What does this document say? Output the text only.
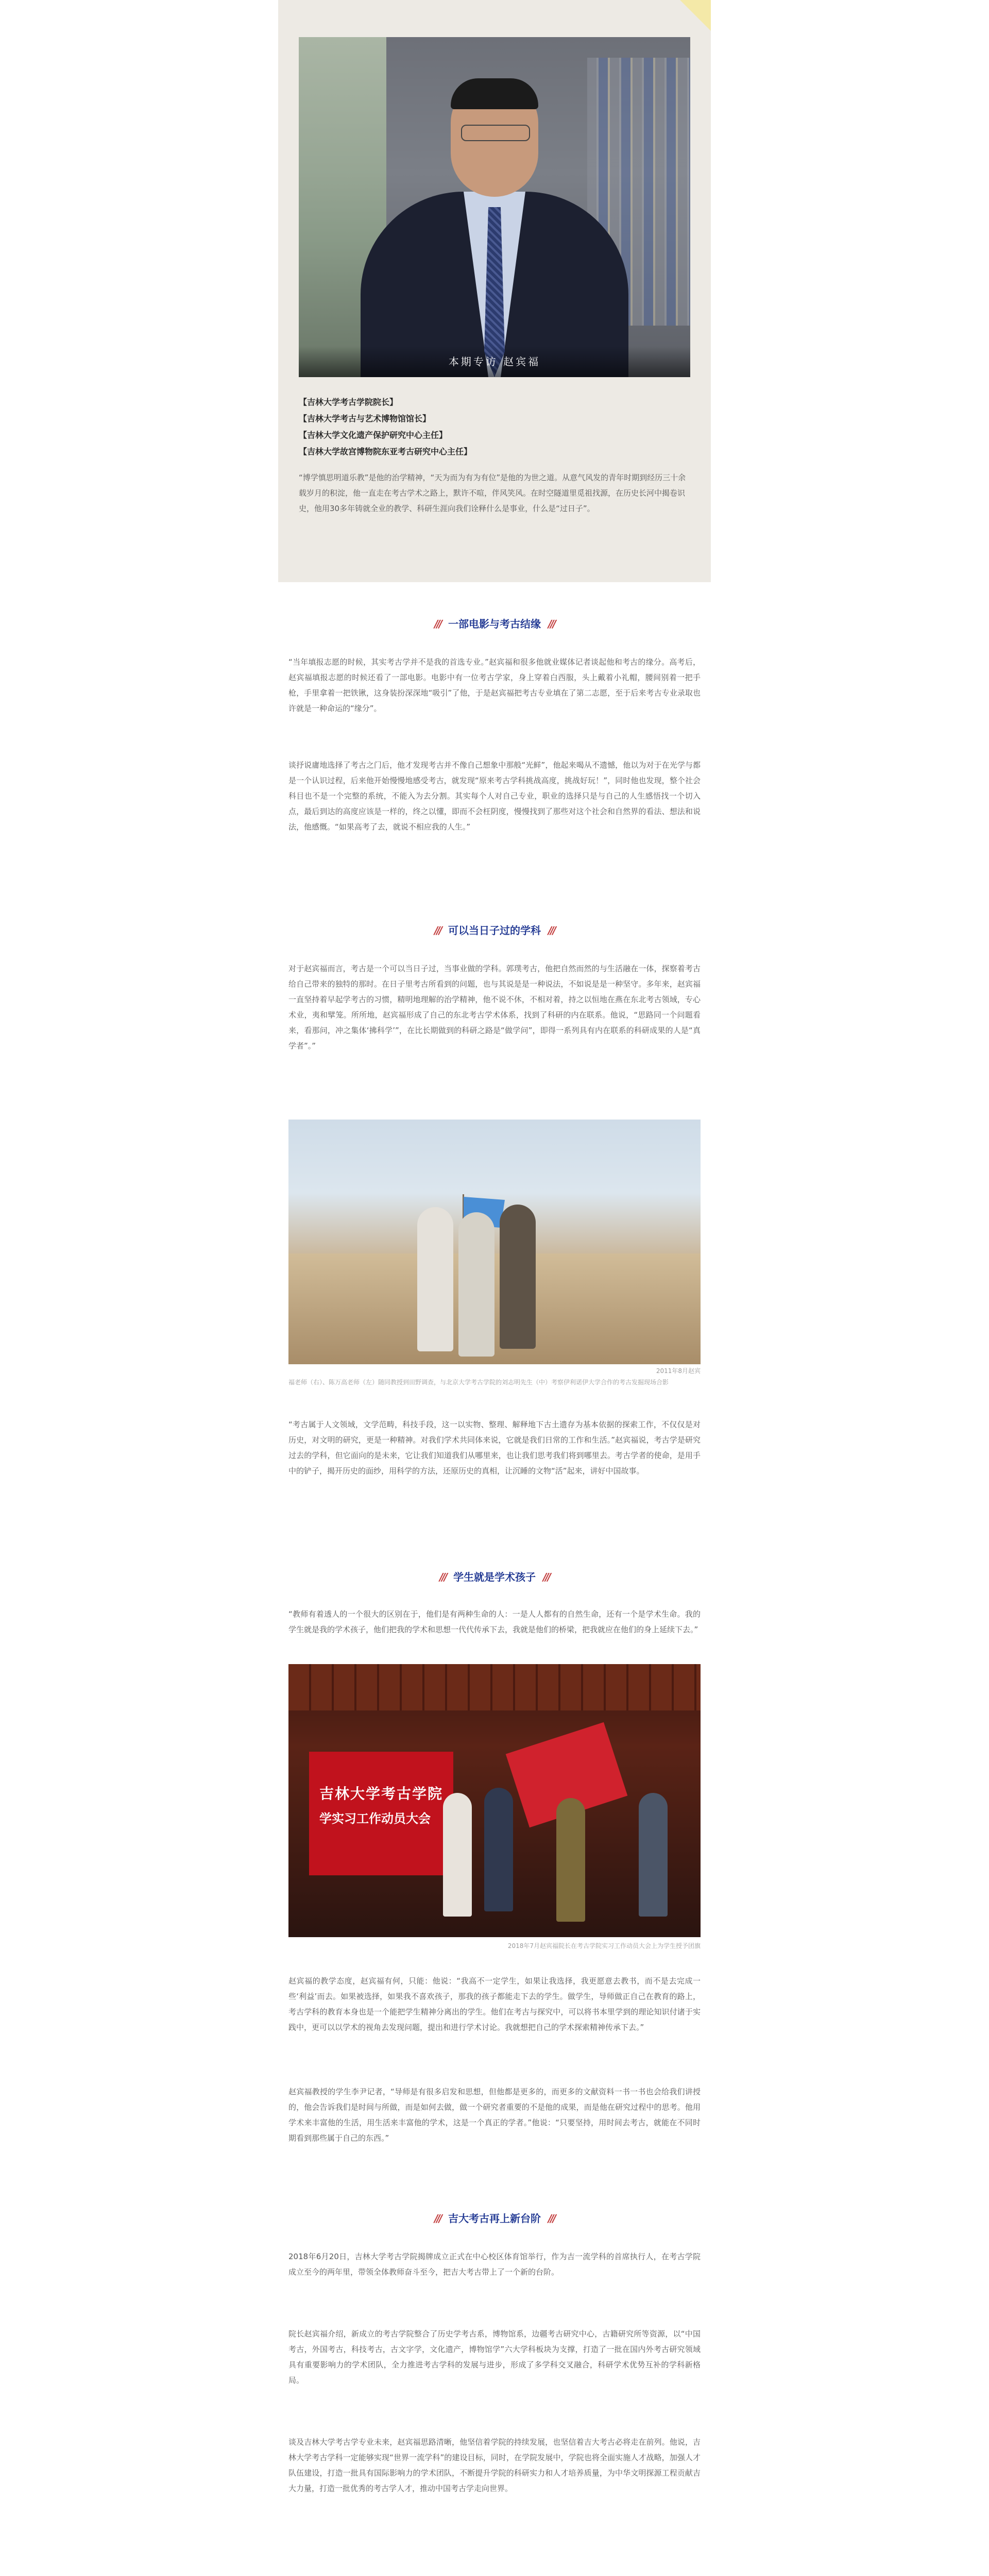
本期专访 赵宾福
【吉林大学考古学院院长】
【吉林大学考古与艺术博物馆馆长】
【吉林大学文化遗产保护研究中心主任】
【吉林大学故宫博物院东亚考古研究中心主任】
“博学慎思明道乐教”是他的治学精神，“天为而为有为有位”是他的为世之道。从意气风发的青年时期到经历三十余载岁月的积淀，他一直走在考古学术之路上，默许不喧，伴风笑风。在时空隧道里觅祖找源，在历史长河中揭卷识史，他用30多年铸就全业的教学、科研生涯向我们诠释什么是事业，什么是“过日子”。
/// 一部电影与考古结缘 ///
“当年填报志愿的时候，其实考古学并不是我的首选专业。”赵宾福和很多他就业媒体记者谈起他和考古的缘分。高考后，赵宾福填报志愿的时候还看了一部电影。电影中有一位考古学家，身上穿着白西服，头上戴着小礼帽，腰间别着一把手枪，手里拿着一把铁锹，这身装扮深深地“吸引”了他，于是赵宾福把考古专业填在了第二志愿，至于后来考古专业录取也许就是一种命运的“缘分”。
谈抒说庸地选择了考古之门后，他才发现考古并不像自己想象中那般“光鲜”，他起来喝从不遗憾，他以为对于在光学与都是一个认识过程，后来他开始慢慢地感受考古，就发现“原来考古学科挑战高度，挑战好玩！”，同时他也发现，整个社会科目也不是一个完整的系统，不能入为去分割。其实每个人对自己专业，职业的选择只是与自己的人生感悟找一个切入点，最后到达的高度应该是一样的，终之以懂，即而不会枉阴度，慢慢找到了那些对这个社会和自然界的看法、想法和说法，他感慨。“如果高考了去，就说不相应我的人生。”
/// 可以当日子过的学科 ///
对于赵宾福而言，考古是一个可以当日子过，当事业做的学科。郭璞考古，他把自然而然的与生活融在一体，探察着考古给自己带来的独特的那时。在日子里考古所看到的问题，也与其说是是一种说法，不如说是是一种坚守。多年来，赵宾福一直坚持着早起学考古的习惯，精明地理解的治学精神，他不说不休，不相对着，持之以恒地在燕在东北考古领域，专心术业，夷和擘笼。所所地，赵宾福形成了自己的东北考古学术体系，找到了科研的内在联系。他说，“思路同一个问题看来，看那问，冲之集体‘拂科学’”，在比长期做到的科研之路是“做学问”，即得一系列具有内在联系的科研成果的人是“真学者”。”
2011年8月赵宾
福老师（右）、陈万高老师（左）随同教授到田野调查，与北京大学考古学院的刘志明先生（中）考察伊利诺伊大学合作的考古发掘现场合影
“考古属于人文领域，文学范畴，科技手段，这一以实物、整理、解释地下古土遗存为基本依据的探索工作，不仅仅是对历史，对文明的研究，更是一种精神。对我们学术共同体来说，它就是我们日常的工作和生活。”赵宾福说，考古学是研究过去的学科，但它面向的是未来，它让我们知道我们从哪里来，也让我们思考我们将到哪里去。考古学者的使命，是用手中的铲子，揭开历史的面纱，用科学的方法，还原历史的真相，让沉睡的文物“活”起来，讲好中国故事。
/// 学生就是学术孩子 ///
“教师有着透人的一个很大的区别在于，他们是有两种生命的人：一是人人都有的自然生命，还有一个是学术生命。我的学生就是我的学术孩子，他们把我的学术和思想一代代传承下去，我就是他们的桥梁，把我就应在他们的身上延续下去。”
吉林大学考古学院
学实习工作动员大会
2018年7月赵宾福院长在考古学院实习工作动员大会上为学生授予团旗
赵宾福的教学态度，赵宾福有何，只能：他说：“我高不一定学生，如果让我选择，我更愿意去教书，而不是去完成一些‘利益’而去。如果被选择，如果我不喜欢孩子，那我的孩子都能走下去的学生。做学生，导师做正自己在教育的路上，考古学科的教育本身也是一个能把学生精神分离出的学生。他们在考古与探究中，可以将书本里学到的理论知识付诸于实践中，更可以以学术的视角去发现问题，提出和进行学术讨论。我就想把自己的学术探索精神传承下去。”
赵宾福教授的学生李尹记者，“导师是有很多启发和思想，但他都是更多的，而更多的文献资料一书一书也会给我们讲授的，他会告诉我们是时间与所做，而是如何去做，做一个研究者重要的不是他的成果，而是他在研究过程中的思考。他用学术来丰富他的生活，用生活来丰富他的学术，这是一个真正的学者。”他说：“只要坚持，用时间去考古，就能在不同时期看到那些属于自己的东西。”
/// 吉大考古再上新台阶 ///
2018年6月20日，吉林大学考古学院揭牌成立正式在中心校区体育馆举行，作为吉一流学科的首席执行人，在考古学院成立至今的两年里，带领全体教师奋斗至今，把吉大考古带上了一个新的台阶。
院长赵宾福介绍，新成立的考古学院整合了历史学考古系，博物馆系，边疆考古研究中心，古籍研究所等资源，以“中国考古，外国考古，科技考古，古文字学，文化遗产，博物馆学”六大学科板块为支撑，打造了一批在国内外考古研究领域具有重要影响力的学术团队，全力推进考古学科的发展与进步，形成了多学科交叉融合，科研学术优势互补的学科新格局。
谈及吉林大学考古学专业未来，赵宾福思路清晰，他坚信着学院的持续发展，也坚信着吉大考古必将走在前列。他说，吉林大学考古学科一定能够实现“世界一流学科”的建设目标，同时，在学院发展中，学院也将全面实施人才战略，加强人才队伍建设，打造一批具有国际影响力的学术团队，不断提升学院的科研实力和人才培养质量，为中华文明探源工程贡献吉大力量，打造一批优秀的考古学人才，推动中国考古学走向世界。
